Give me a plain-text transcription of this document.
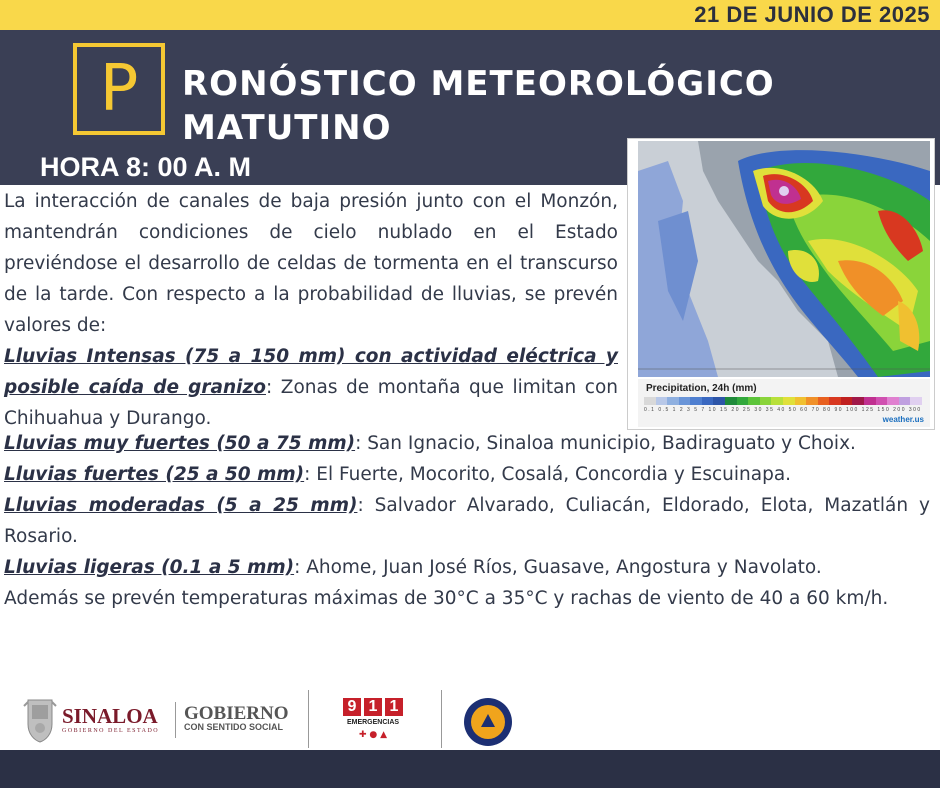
21 DE JUNIO DE 2025
P	RONÓSTICO METEOROLÓGICO
MATUTINO
HORA 8: 00 A. M
Precipitation, 24h (mm)
0.1 0.5 1 2 3 5 7 10 15 20 25 30 35 40 50 60 70 80 90 100 125 150 200 300
weather.us
La interacción de canales de baja presión junto con el Monzón, mantendrán condiciones de cielo nublado en el Estado previéndose el desarrollo de celdas de tormenta en el transcurso de la tarde. Con respecto a la probabilidad de lluvias, se prevén valores de:
Lluvias Intensas (75 a 150 mm) con actividad eléctrica y posible caída de granizo: Zonas de montaña que limitan con Chihuahua y Durango.
Lluvias muy fuertes (50 a 75 mm): San Ignacio, Sinaloa municipio, Badiraguato y Choix.
Lluvias fuertes (25 a 50 mm): El Fuerte, Mocorito, Cosalá, Concordia y Escuinapa.
Lluvias moderadas (5 a 25 mm): Salvador Alvarado, Culiacán, Eldorado, Elota, Mazatlán y Rosario.
Lluvias ligeras (0.1 a 5 mm): Ahome, Juan José Ríos, Guasave, Angostura y Navolato.
Además se prevén temperaturas máximas de 30°C a 35°C y rachas de viento de 40 a 60 km/h.
SINALOA
GOBIERNO DEL ESTADO
GOBIERNO
CON SENTIDO SOCIAL
9 1 1
EMERGENCIAS
✚ ● ▲
